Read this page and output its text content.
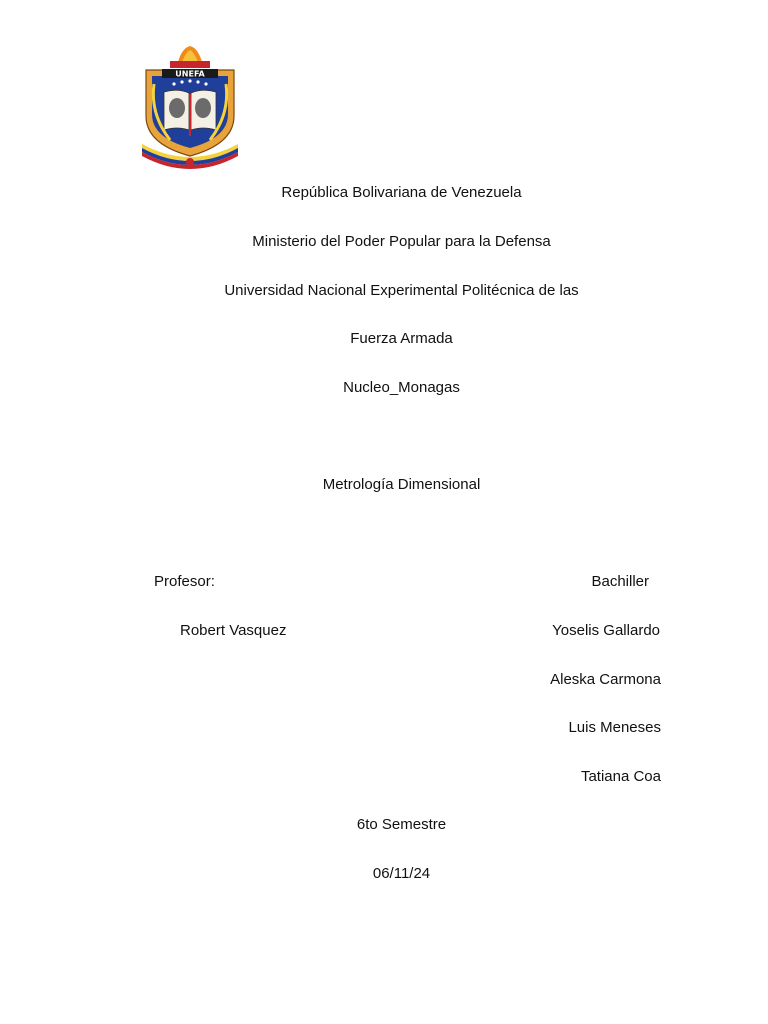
UNEFA
República Bolivariana de Venezuela
Ministerio del Poder Popular para la Defensa
Universidad Nacional Experimental Politécnica de las
Fuerza Armada
Nucleo_Monagas
Metrología Dimensional
Profesor:
Robert Vasquez
Bachiller
Yoselis Gallardo
Aleska Carmona
Luis Meneses
Tatiana Coa
6to Semestre
06/11/24
